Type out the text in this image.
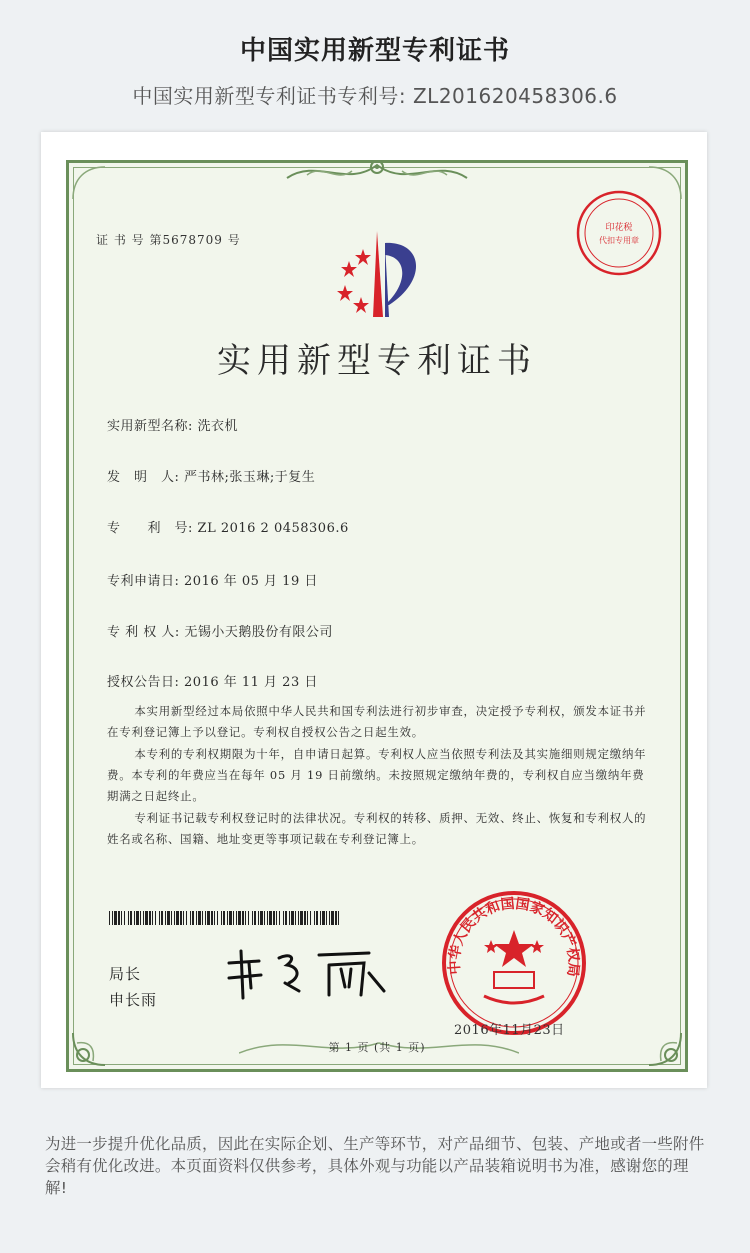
中国实用新型专利证书
中国实用新型专利证书专利号: ZL201620458306.6
证 书 号 第5678709 号
印花税
代扣专用章
实用新型专利证书
实用新型名称: 洗衣机
发　明　人: 严书林;张玉琳;于复生
专　　利　号: ZL 2016 2 0458306.6
专利申请日: 2016 年 05 月 19 日
专 利 权 人: 无锡小天鹅股份有限公司
授权公告日: 2016 年 11 月 23 日

本实用新型经过本局依照中华人民共和国专利法进行初步审查，决定授予专利权，颁发本证书并在专利登记簿上予以登记。专利权自授权公告之日起生效。

本专利的专利权期限为十年，自申请日起算。专利权人应当依照专利法及其实施细则规定缴纳年费。本专利的年费应当在每年 05 月 19 日前缴纳。未按照规定缴纳年费的，专利权自应当缴纳年费期满之日起终止。

专利证书记载专利权登记时的法律状况。专利权的转移、质押、无效、终止、恢复和专利权人的姓名或名称、国籍、地址变更等事项记载在专利登记簿上。

局长
申长雨
中华人民共和国国家知识产权局
2016年11月23日
第 1 页 (共 1 页)
为进一步提升优化品质，因此在实际企划、生产等环节，对产品细节、包装、产地或者一些附件会稍有优化改进。本页面资料仅供参考，具体外观与功能以产品装箱说明书为准，感谢您的理解!
